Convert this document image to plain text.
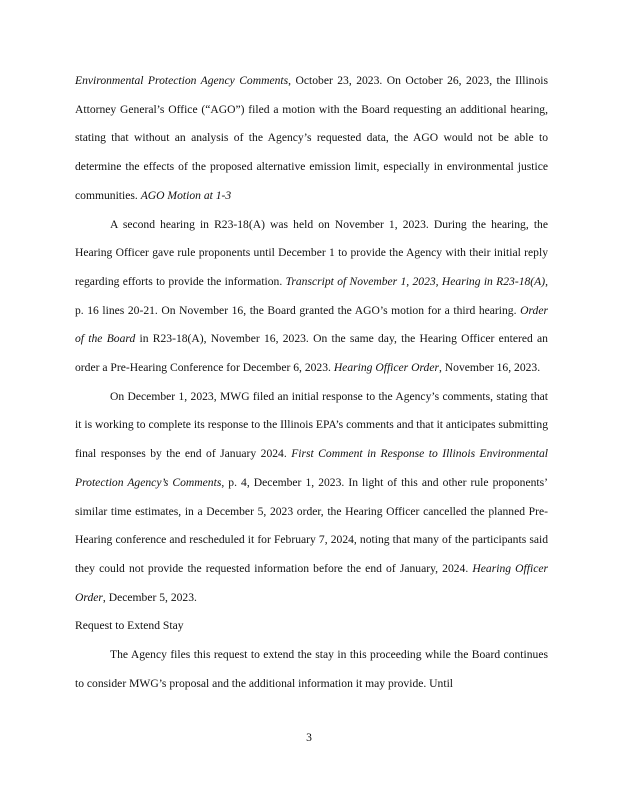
Environmental Protection Agency Comments, October 23, 2023. On October 26, 2023, the Illinois Attorney General’s Office (“AGO”) filed a motion with the Board requesting an additional hearing, stating that without an analysis of the Agency’s requested data, the AGO would not be able to determine the effects of the proposed alternative emission limit, especially in environmental justice communities. AGO Motion at 1-3

A second hearing in R23-18(A) was held on November 1, 2023. During the hearing, the Hearing Officer gave rule proponents until December 1 to provide the Agency with their initial reply regarding efforts to provide the information. Transcript of November 1, 2023, Hearing in R23-18(A), p. 16 lines 20-21. On November 16, the Board granted the AGO’s motion for a third hearing. Order of the Board in R23-18(A), November 16, 2023. On the same day, the Hearing Officer entered an order a Pre-Hearing Conference for December 6, 2023. Hearing Officer Order, November 16, 2023.

On December 1, 2023, MWG filed an initial response to the Agency’s comments, stating that it is working to complete its response to the Illinois EPA’s comments and that it anticipates submitting final responses by the end of January 2024. First Comment in Response to Illinois Environmental Protection Agency’s Comments, p. 4, December 1, 2023. In light of this and other rule proponents’ similar time estimates, in a December 5, 2023 order, the Hearing Officer cancelled the planned Pre-Hearing conference and rescheduled it for February 7, 2024, noting that many of the participants said they could not provide the requested information before the end of January, 2024. Hearing Officer Order, December 5, 2023.

Request to Extend Stay

The Agency files this request to extend the stay in this proceeding while the Board continues to consider MWG’s proposal and the additional information it may provide. Until

3
